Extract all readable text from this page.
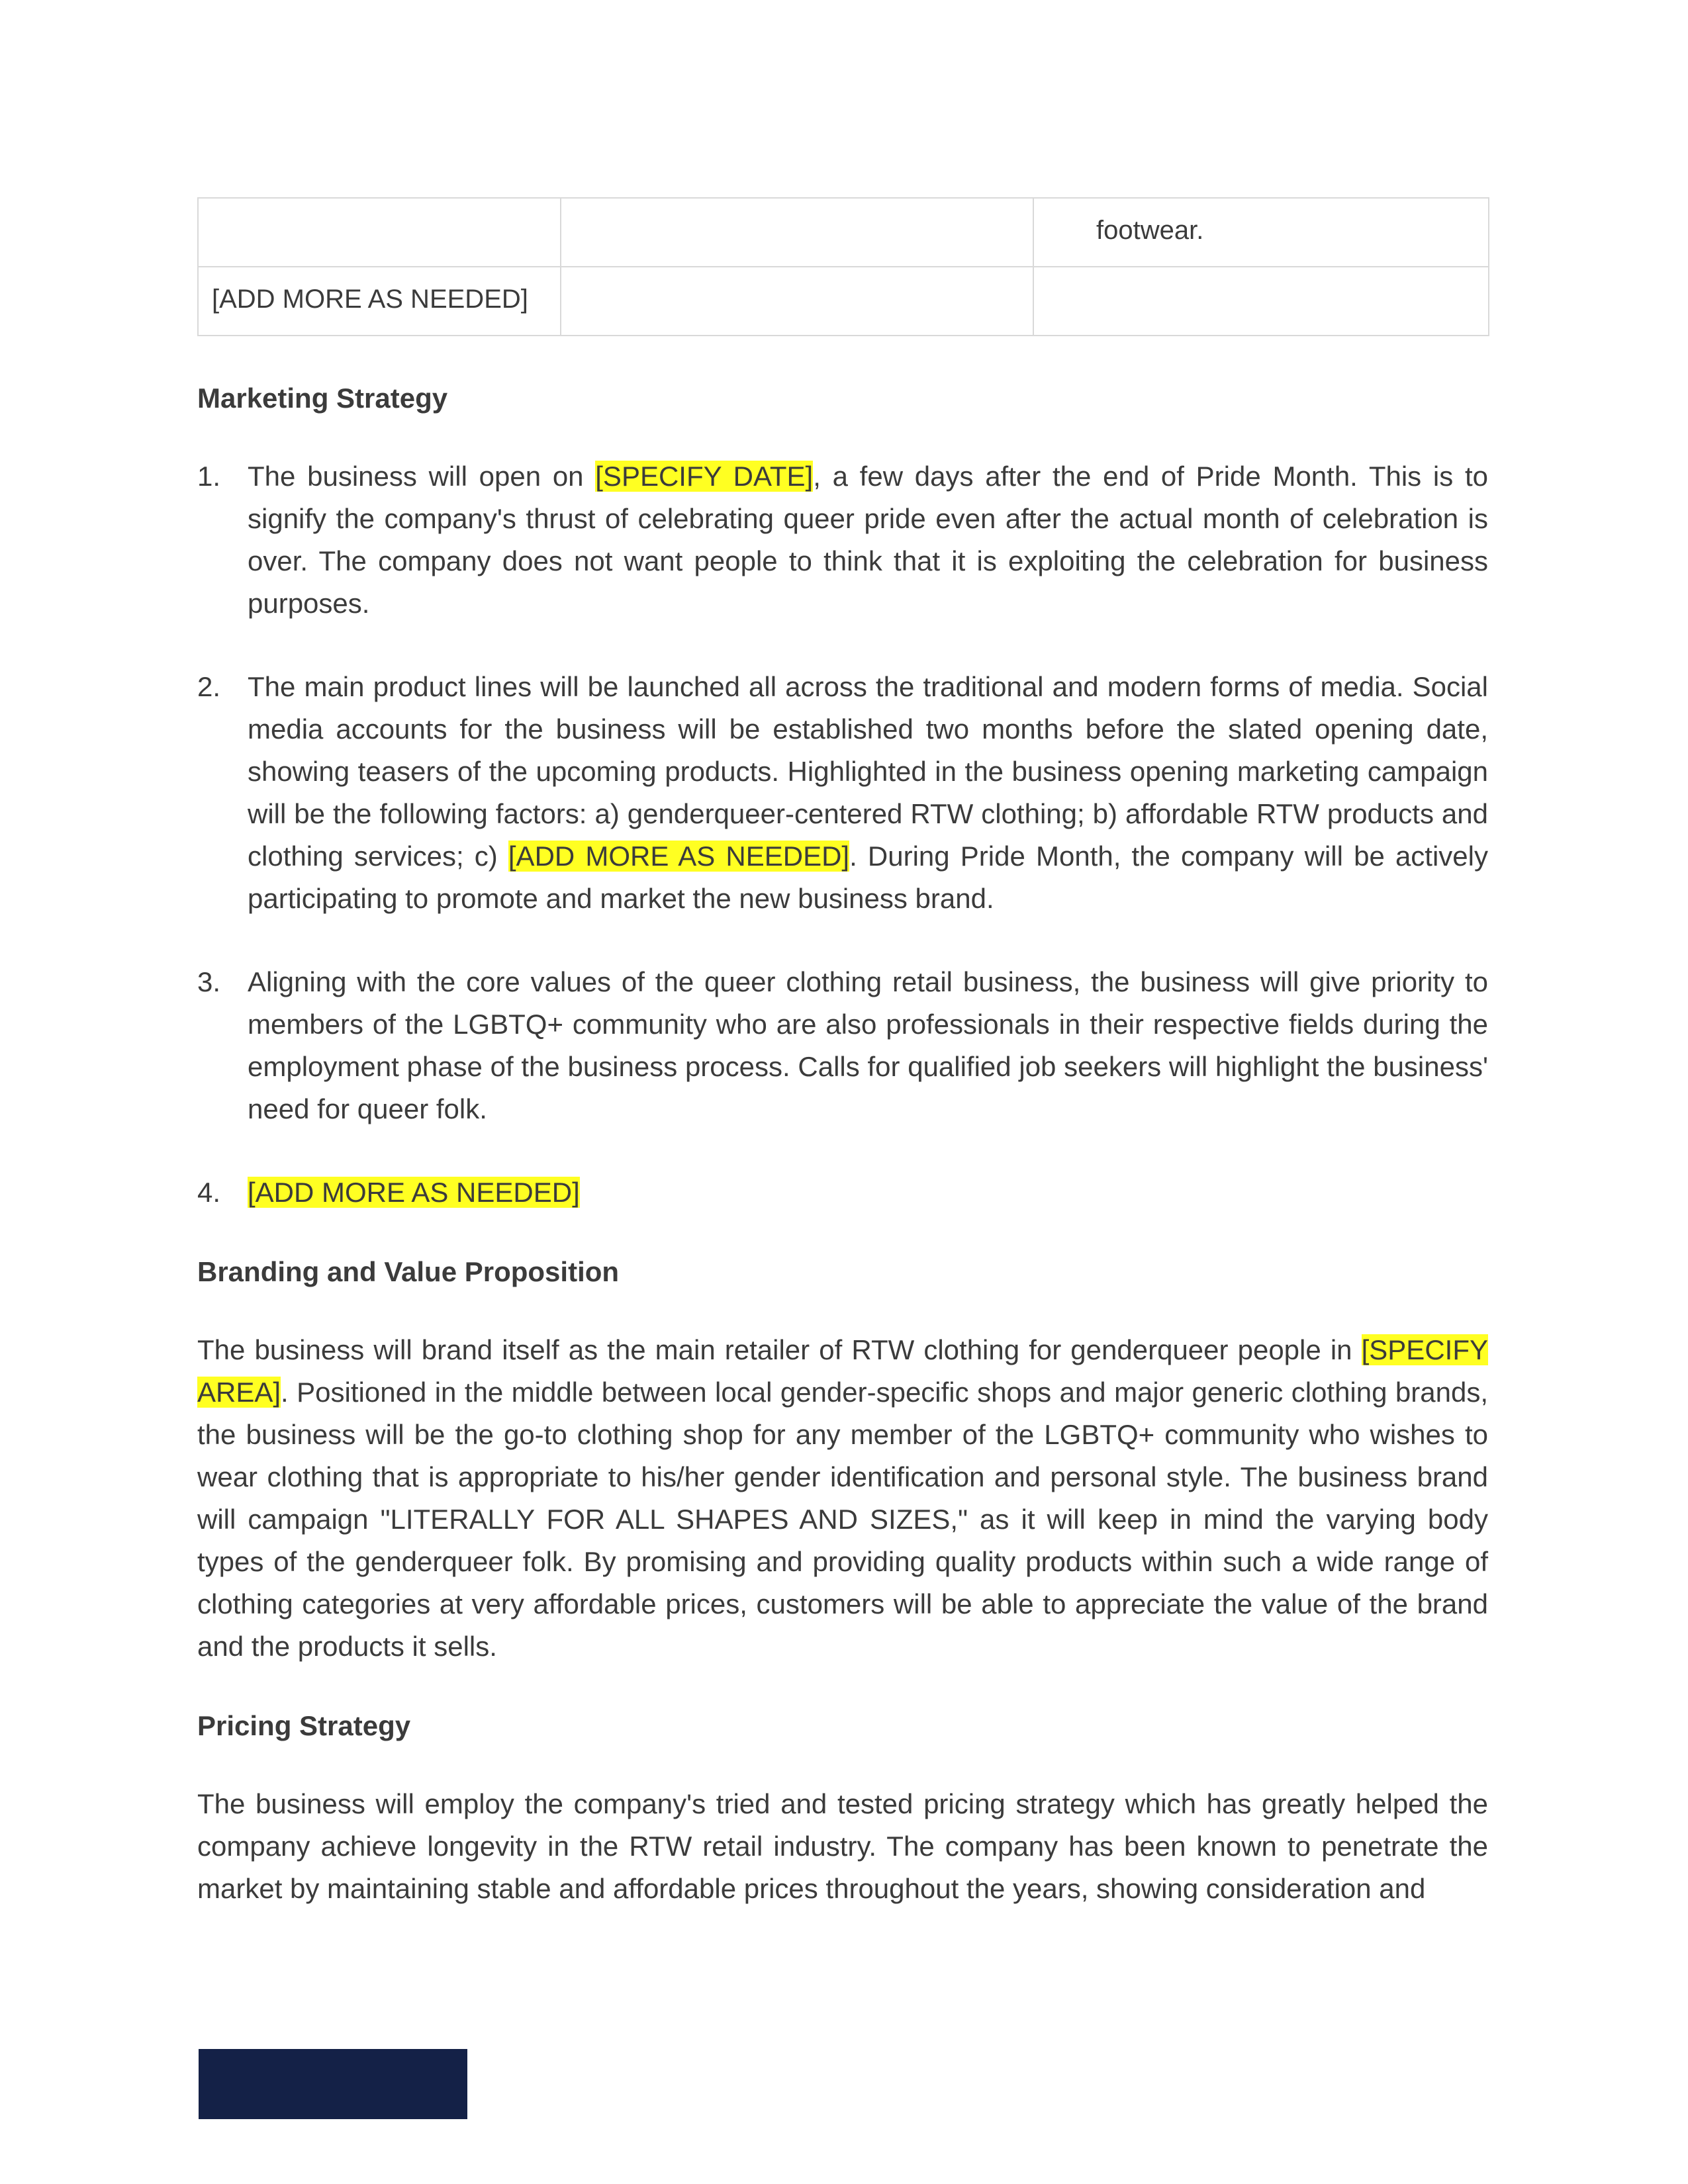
		footwear.
[ADD MORE AS NEEDED]		
Marketing Strategy
1. The business will open on [SPECIFY DATE], a few days after the end of Pride Month. This is to signify the company's thrust of celebrating queer pride even after the actual month of celebration is over. The company does not want people to think that it is exploiting the celebration for business purposes.
2. The main product lines will be launched all across the traditional and modern forms of media. Social media accounts for the business will be established two months before the slated opening date, showing teasers of the upcoming products. Highlighted in the business opening marketing campaign will be the following factors: a) genderqueer-centered RTW clothing; b) affordable RTW products and clothing services; c) [ADD MORE AS NEEDED]. During Pride Month, the company will be actively participating to promote and market the new business brand.
3. Aligning with the core values of the queer clothing retail business, the business will give priority to members of the LGBTQ+ community who are also professionals in their respective fields during the employment phase of the business process. Calls for qualified job seekers will highlight the business' need for queer folk.
4. [ADD MORE AS NEEDED]
Branding and Value Proposition
The business will brand itself as the main retailer of RTW clothing for genderqueer people in [SPECIFY AREA]. Positioned in the middle between local gender-specific shops and major generic clothing brands, the business will be the go-to clothing shop for any member of the LGBTQ+ community who wishes to wear clothing that is appropriate to his/her gender identification and personal style. The business brand will campaign "LITERALLY FOR ALL SHAPES AND SIZES," as it will keep in mind the varying body types of the genderqueer folk. By promising and providing quality products within such a wide range of clothing categories at very affordable prices, customers will be able to appreciate the value of the brand and the products it sells.
Pricing Strategy
The business will employ the company's tried and tested pricing strategy which has greatly helped the company achieve longevity in the RTW retail industry. The company has been known to penetrate the market by maintaining stable and affordable prices throughout the years, showing consideration and
